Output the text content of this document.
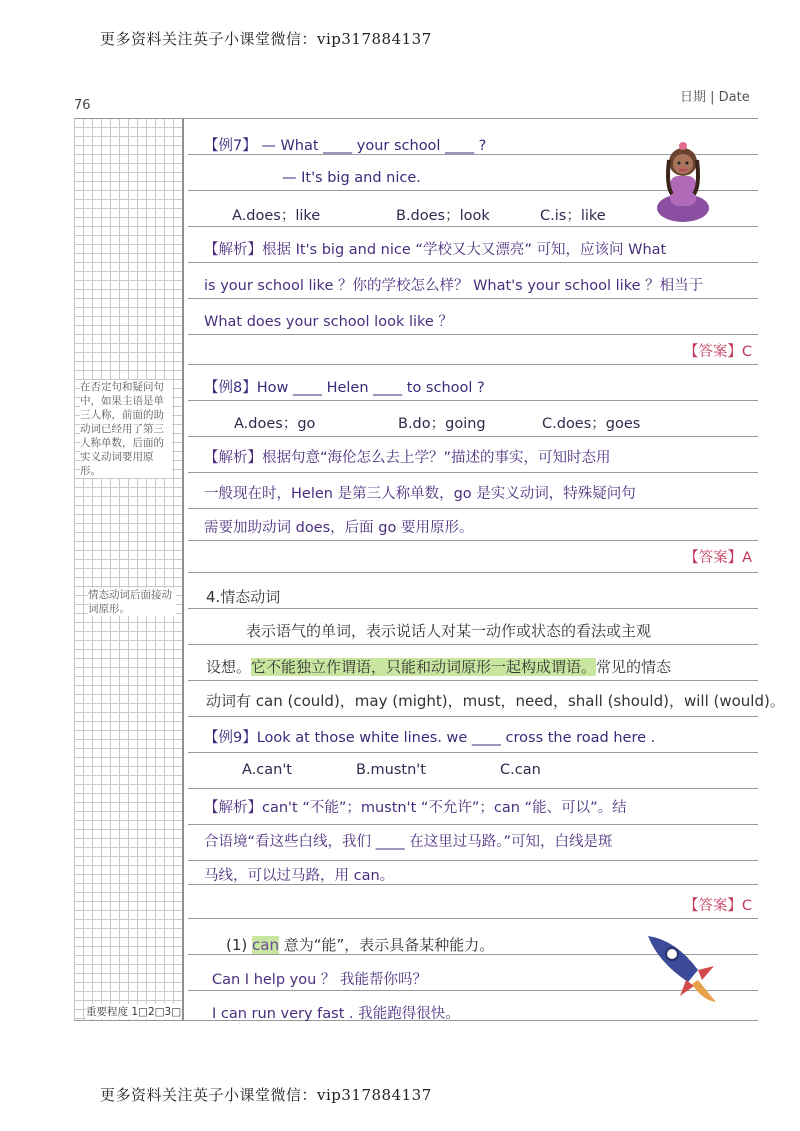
更多资料关注英子小课堂微信：vip317884137
76
日期 | Date
在否定句和疑问句中，如果主语是单三人称，前面的助动词已经用了第三人称单数，后面的实义动词要用原形。
情态动词后面接动词原形。
重要程度 1□2□3□
【例7】 — What ____ your school ____ ?
— It's big and nice.
A.does；like	B.does；look	C.is；like
【解析】根据 It's big and nice “学校又大又漂亮” 可知，应该问 What
is your school like ？你的学校怎么样？ What's your school like ？相当于
What does your school look like ？
【答案】C
【例8】How ____ Helen ____ to school ?
A.does；go	B.do；going	C.does；goes
【解析】根据句意“海伦怎么去上学？”描述的事实，可知时态用
一般现在时，Helen 是第三人称单数，go 是实义动词，特殊疑问句
需要加助动词 does，后面 go 要用原形。
【答案】A
4.情态动词
表示语气的单词，表示说话人对某一动作或状态的看法或主观
设想。它不能独立作谓语，只能和动词原形一起构成谓语。常见的情态
动词有 can (could)，may (might)，must，need，shall (should)，will (would)。
【例9】Look at those white lines. we ____ cross the road here .
A.can't	B.mustn't	C.can
【解析】can't “不能”；mustn't “不允许”；can “能、可以”。结
合语境“看这些白线，我们 ____ 在这里过马路。”可知，白线是斑
马线，可以过马路，用 can。
【答案】C
(1) can 意为“能”，表示具备某种能力。
Can I help you ？ 我能帮你吗？
I can run very fast . 我能跑得很快。
更多资料关注英子小课堂微信：vip317884137
